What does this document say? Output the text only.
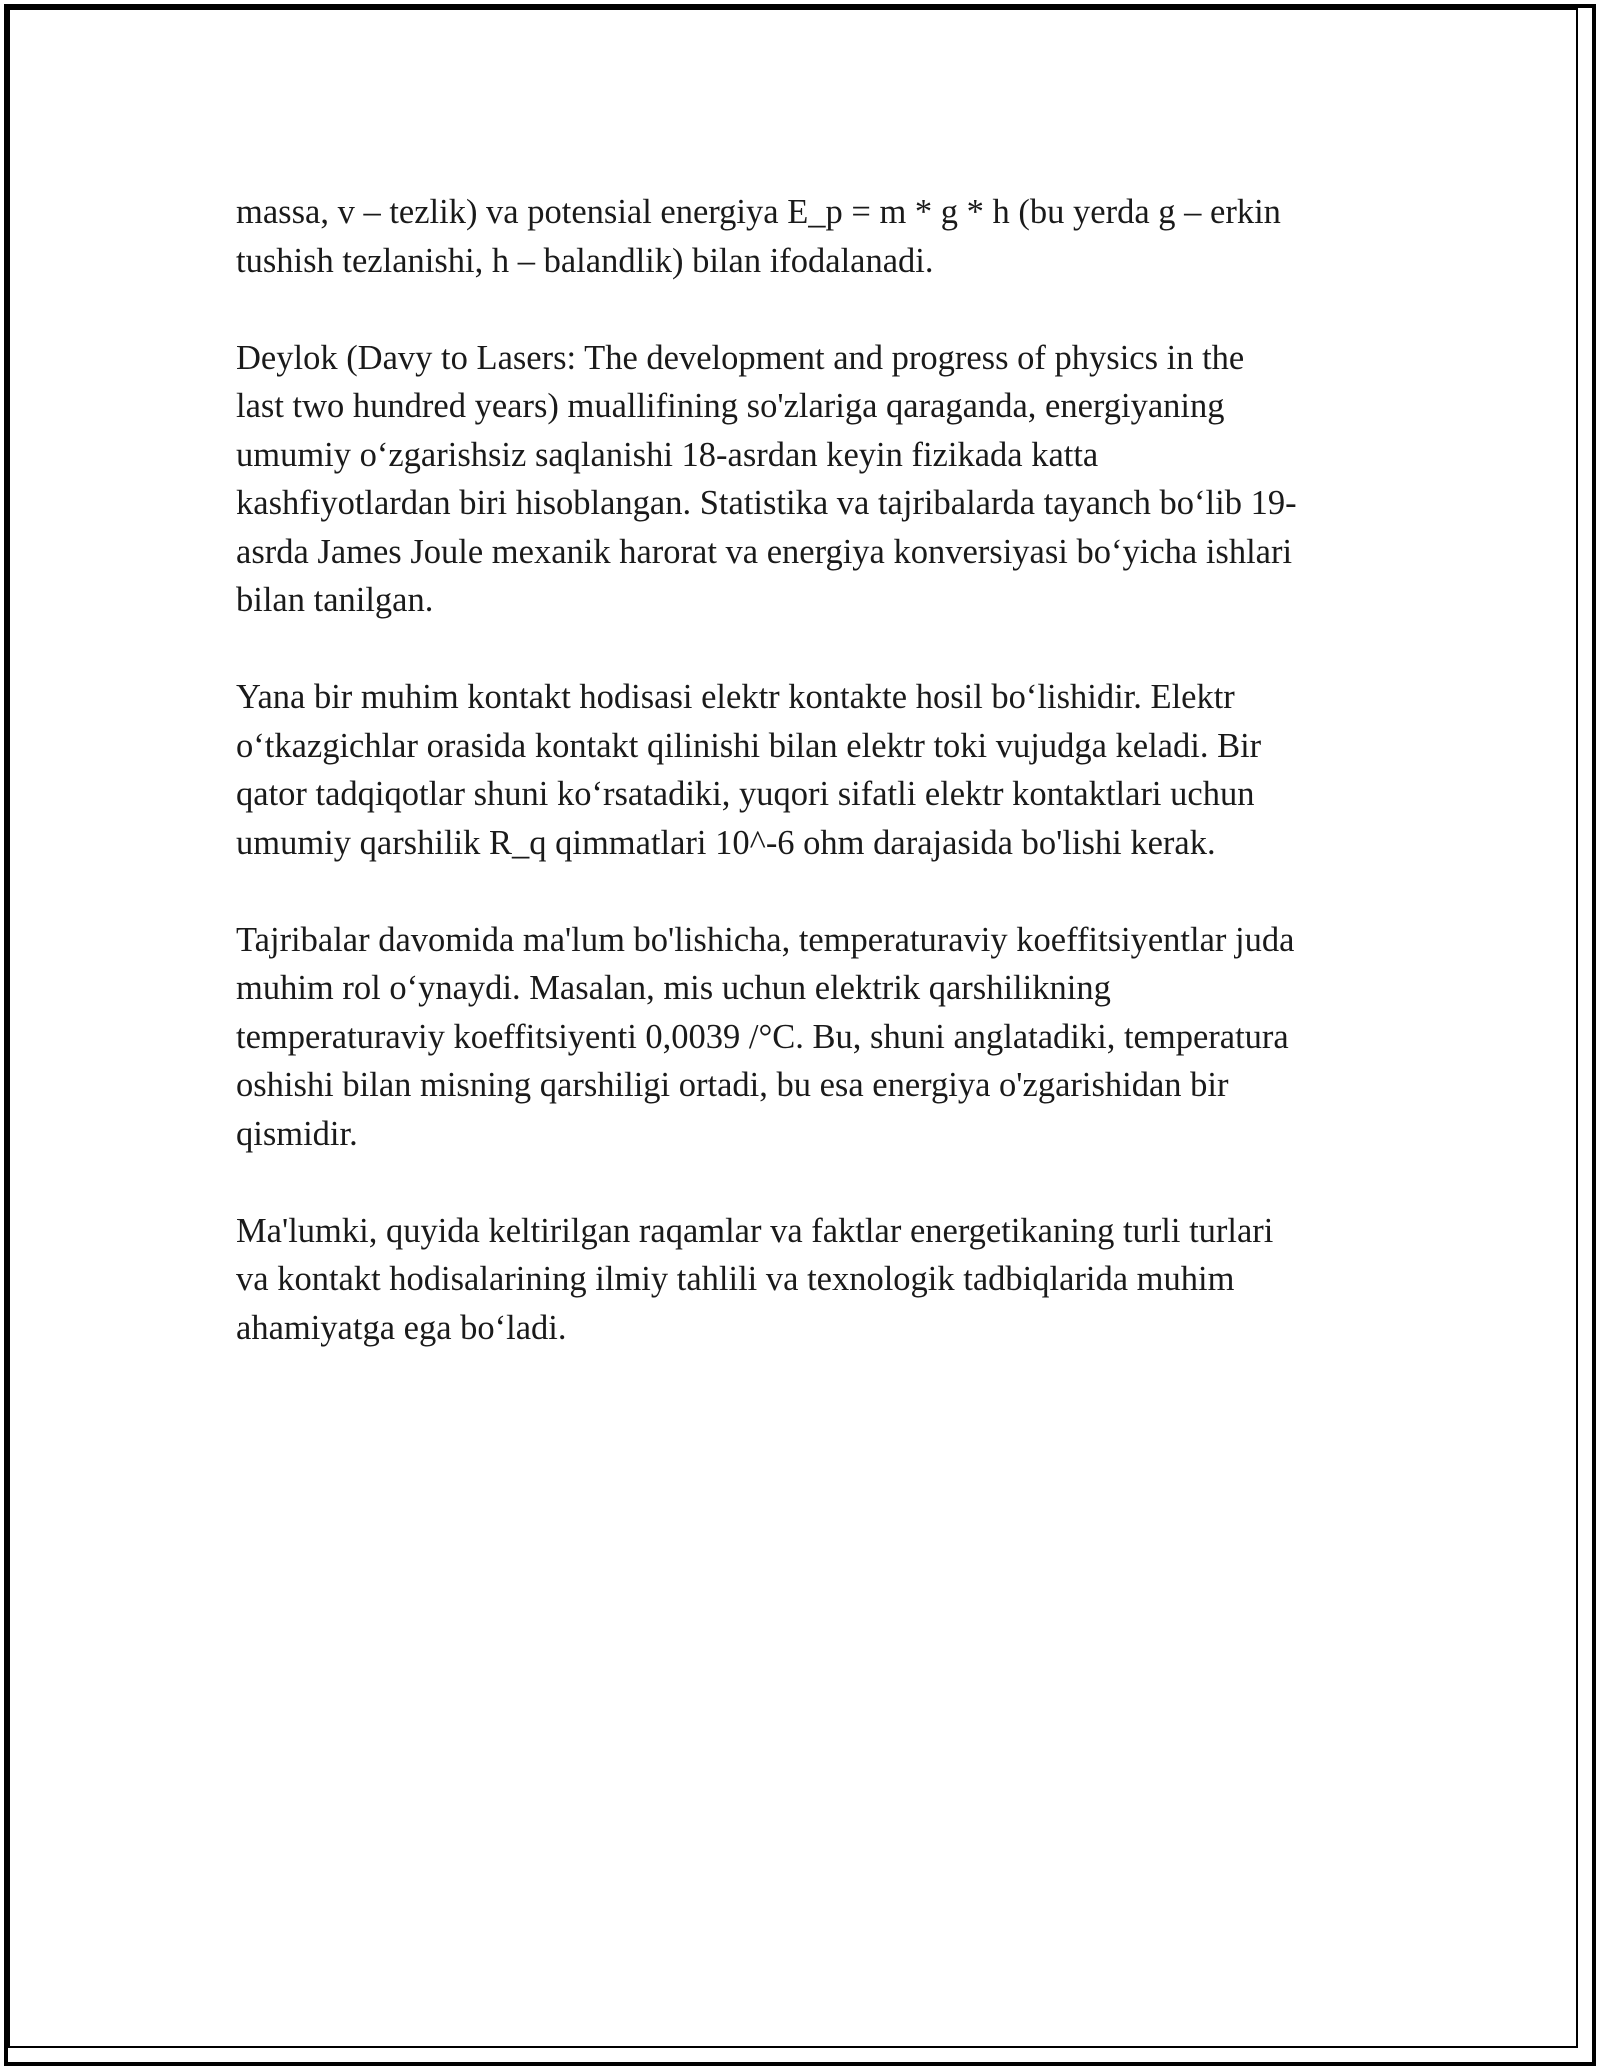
massa, v – tezlik) va potensial energiya E_p = m * g * h (bu yerda g – erkin
tushish tezlanishi, h – balandlik) bilan ifodalanadi.

Deylok (Davy to Lasers: The development and progress of physics in the
last two hundred years) muallifining so'zlariga qaraganda, energiyaning
umumiy o‘zgarishsiz saqlanishi 18-asrdan keyin fizikada katta
kashfiyotlardan biri hisoblangan. Statistika va tajribalarda tayanch bo‘lib 19-
asrda James Joule mexanik harorat va energiya konversiyasi bo‘yicha ishlari
bilan tanilgan.

Yana bir muhim kontakt hodisasi elektr kontakte hosil bo‘lishidir. Elektr
o‘tkazgichlar orasida kontakt qilinishi bilan elektr toki vujudga keladi. Bir
qator tadqiqotlar shuni ko‘rsatadiki, yuqori sifatli elektr kontaktlari uchun
umumiy qarshilik R_q qimmatlari 10^-6 ohm darajasida bo'lishi kerak.

Tajribalar davomida ma'lum bo'lishicha, temperaturaviy koeffitsiyentlar juda
muhim rol o‘ynaydi. Masalan, mis uchun elektrik qarshilikning
temperaturaviy koeffitsiyenti 0,0039 /°C. Bu, shuni anglatadiki, temperatura
oshishi bilan misning qarshiligi ortadi, bu esa energiya o'zgarishidan bir
qismidir.

Ma'lumki, quyida keltirilgan raqamlar va faktlar energetikaning turli turlari
va kontakt hodisalarining ilmiy tahlili va texnologik tadbiqlarida muhim
ahamiyatga ega bo‘ladi.
